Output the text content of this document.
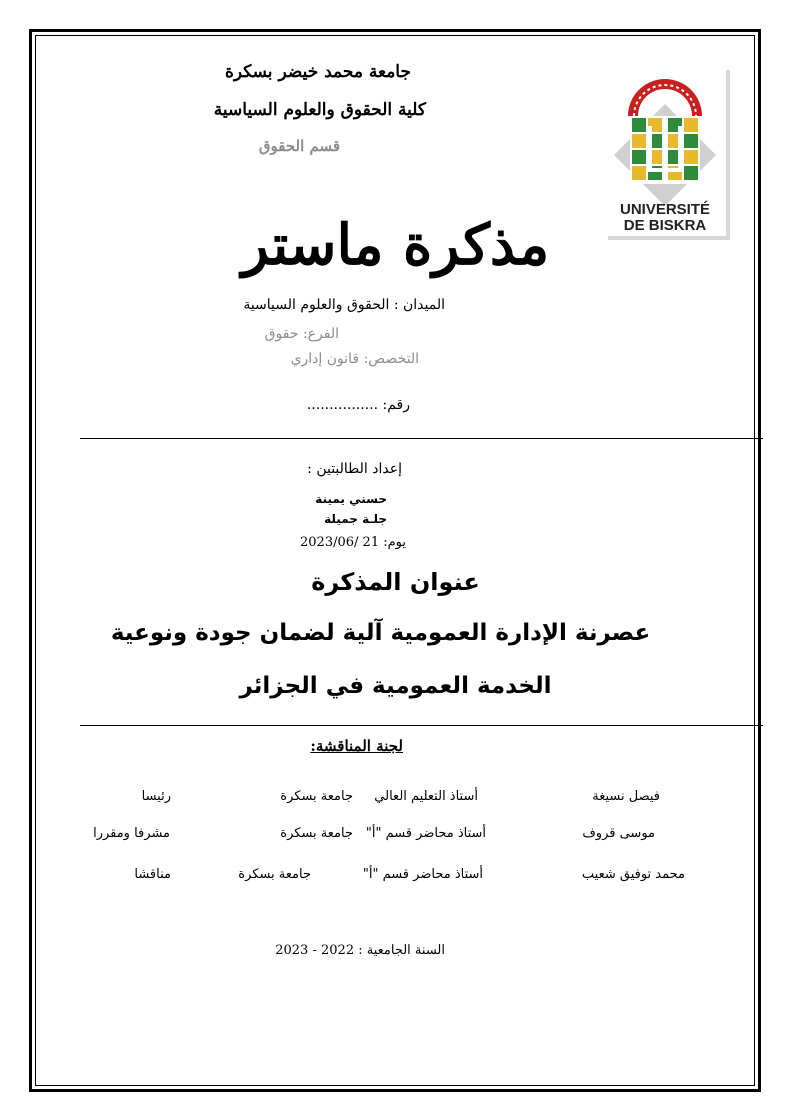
UNIVERSITÉ
DE BISKRA
جامعة محمد خيضر بسكرة
كلية الحقوق والعلوم السياسية
قسم الحقوق
مذكرة ماستر
الميدان : الحقوق والعلوم السياسية
الفرع: حقوق
التخصص: قانون إداري
رقم: ................
إعداد الطالبتين :
حسني يمينة
جلـة جميلة
يوم: 21 /2023/06
عنوان المذكرة
عصرنة الإدارة العمومية آلية لضمان جودة ونوعية
الخدمة العمومية في الجزائر
لجنة المناقشة:
فيصل نسيغة
أستاذ التعليم العالي
جامعة بسكرة
رئيسا
موسى قروف
أستاذ محاضر قسم "أ"
جامعة بسكرة
مشرفا ومقررا
محمد توفيق شعيب
أستاذ محاضر قسم "أ"
جامعة بسكرة
مناقشا
السنة الجامعية : 2022 - 2023
